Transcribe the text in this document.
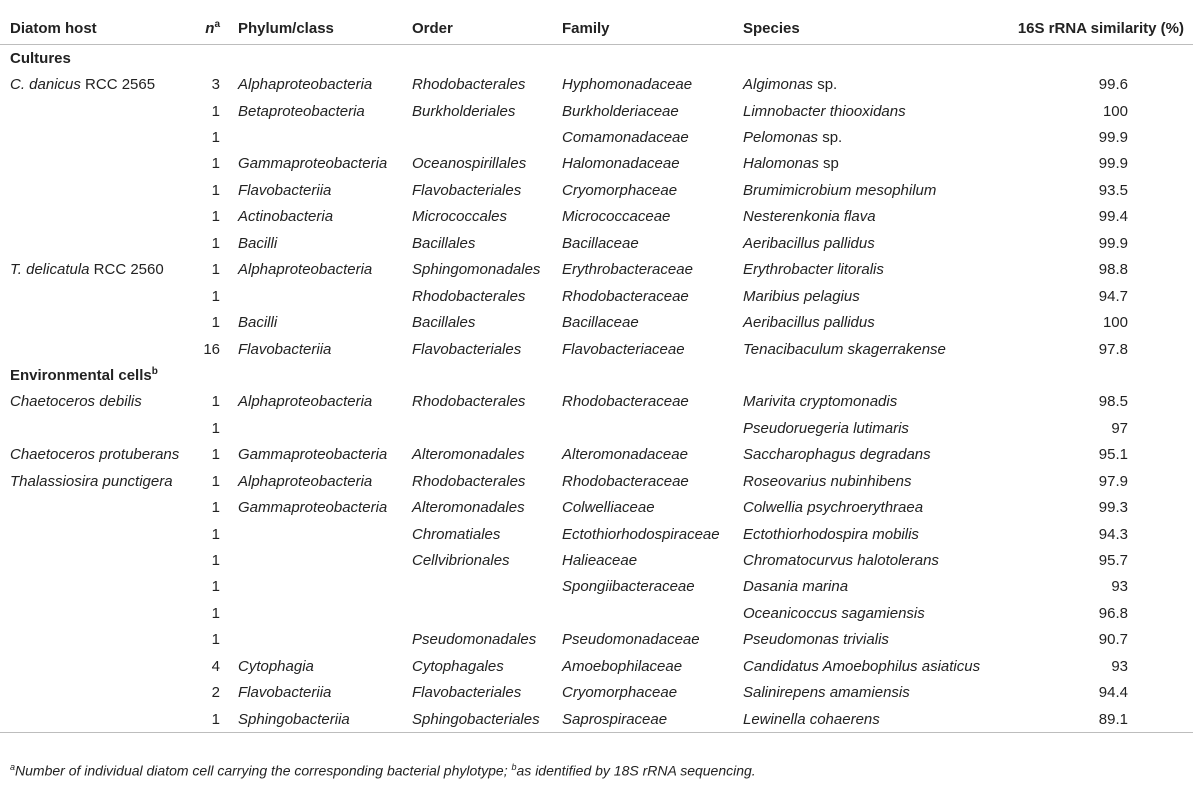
Diatom host	$n^a$	Phylum/class	Order	Family	Species	16S rRNA similarity (%)
Cultures						
C. danicus RCC 2565	3	Alphaproteobacteria	Rhodobacterales	Hyphomonadaceae	Algimonas sp.	99.6
	1	Betaproteobacteria	Burkholderiales	Burkholderiaceae	Limnobacter thiooxidans	100
	1			Comamonadaceae	Pelomonas sp.	99.9
	1	Gammaproteobacteria	Oceanospirillales	Halomonadaceae	Halomonas sp	99.9
	1	Flavobacteriia	Flavobacteriales	Cryomorphaceae	Brumimicrobium mesophilum	93.5
	1	Actinobacteria	Micrococcales	Micrococcaceae	Nesterenkonia flava	99.4
	1	Bacilli	Bacillales	Bacillaceae	Aeribacillus pallidus	99.9
T. delicatula RCC 2560	1	Alphaproteobacteria	Sphingomonadales	Erythrobacteraceae	Erythrobacter litoralis	98.8
	1		Rhodobacterales	Rhodobacteraceae	Maribius pelagius	94.7
	1	Bacilli	Bacillales	Bacillaceae	Aeribacillus pallidus	100
	16	Flavobacteriia	Flavobacteriales	Flavobacteriaceae	Tenacibaculum skagerrakense	97.8
Environmental cells$^b$
Chaetoceros debilis	1	Alphaproteobacteria	Rhodobacterales	Rhodobacteraceae	Marivita cryptomonadis	98.5
	1				Pseudoruegeria lutimaris	97
Chaetoceros protuberans	1	Gammaproteobacteria	Alteromonadales	Alteromonadaceae	Saccharophagus degradans	95.1
Thalassiosira punctigera	1	Alphaproteobacteria	Rhodobacterales	Rhodobacteraceae	Roseovarius nubinhibens	97.9
	1	Gammaproteobacteria	Alteromonadales	Colwelliaceae	Colwellia psychroerythraea	99.3
	1		Chromatiales	Ectothiorhodospiraceae	Ectothiorhodospira mobilis	94.3
	1		Cellvibrionales	Halieaceae	Chromatocurvus halotolerans	95.7
	1			Spongiibacteraceae	Dasania marina	93
	1				Oceanicoccus sagamiensis	96.8
	1		Pseudomonadales	Pseudomonadaceae	Pseudomonas trivialis	90.7
	4	Cytophagia	Cytophagales	Amoebophilaceae	Candidatus Amoebophilus asiaticus	93
	2	Flavobacteriia	Flavobacteriales	Cryomorphaceae	Salinirepens amamiensis	94.4
	1	Sphingobacteriia	Sphingobacteriales	Saprospiraceae	Lewinella cohaerens	89.1
$^a$Number of individual diatom cell carrying the corresponding bacterial phylotype; $^b$as identified by 18S rRNA sequencing.
